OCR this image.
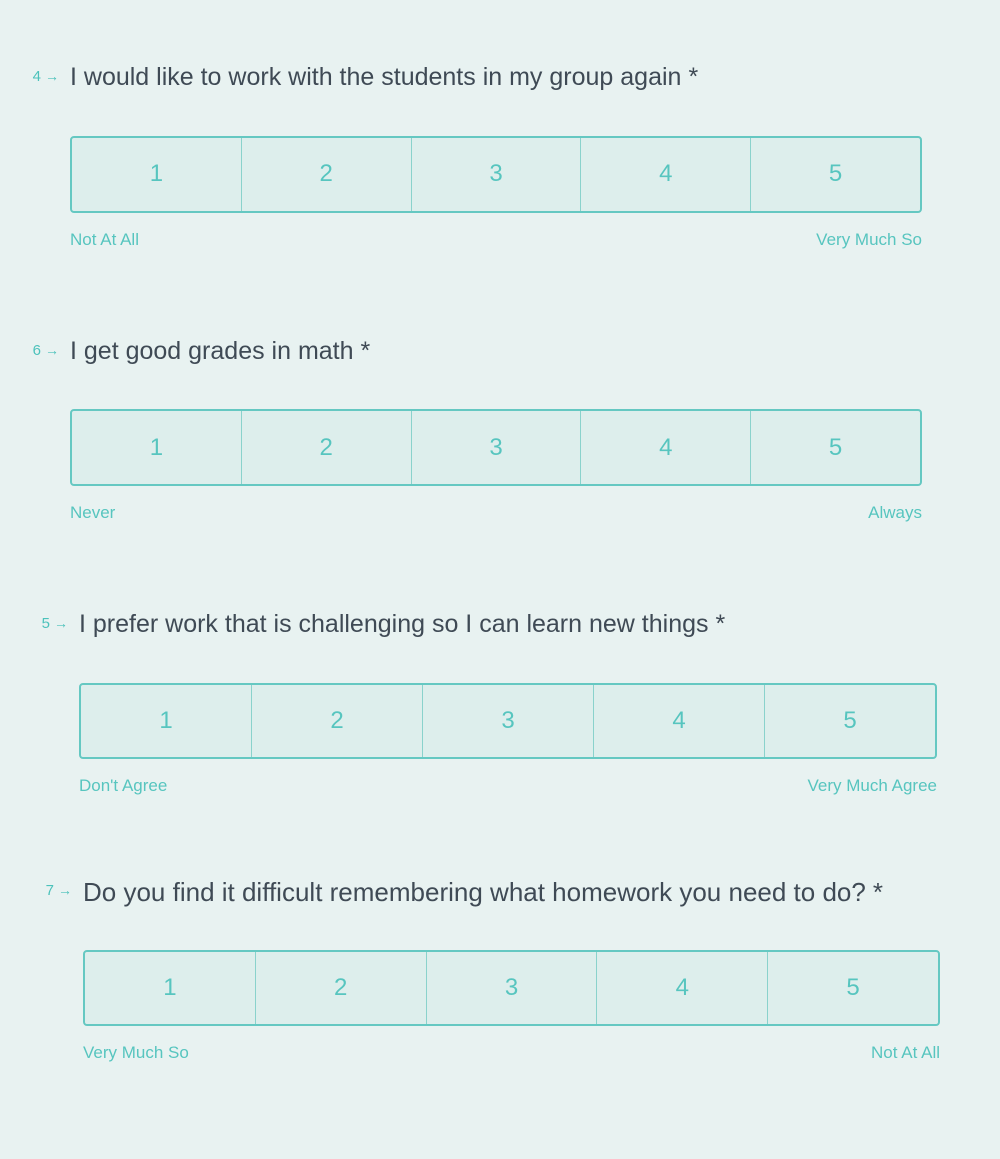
4 → I would like to work with the students in my group again *
1	2	3	4	5
Not At All	Very Much So
6 → I get good grades in math *
1	2	3	4	5
Never	Always
5 → I prefer work that is challenging so I can learn new things *
1	2	3	4	5
Don't Agree	Very Much Agree
7 → Do you find it difficult remembering what homework you need to do? *
1	2	3	4	5
Very Much So	Not At All
